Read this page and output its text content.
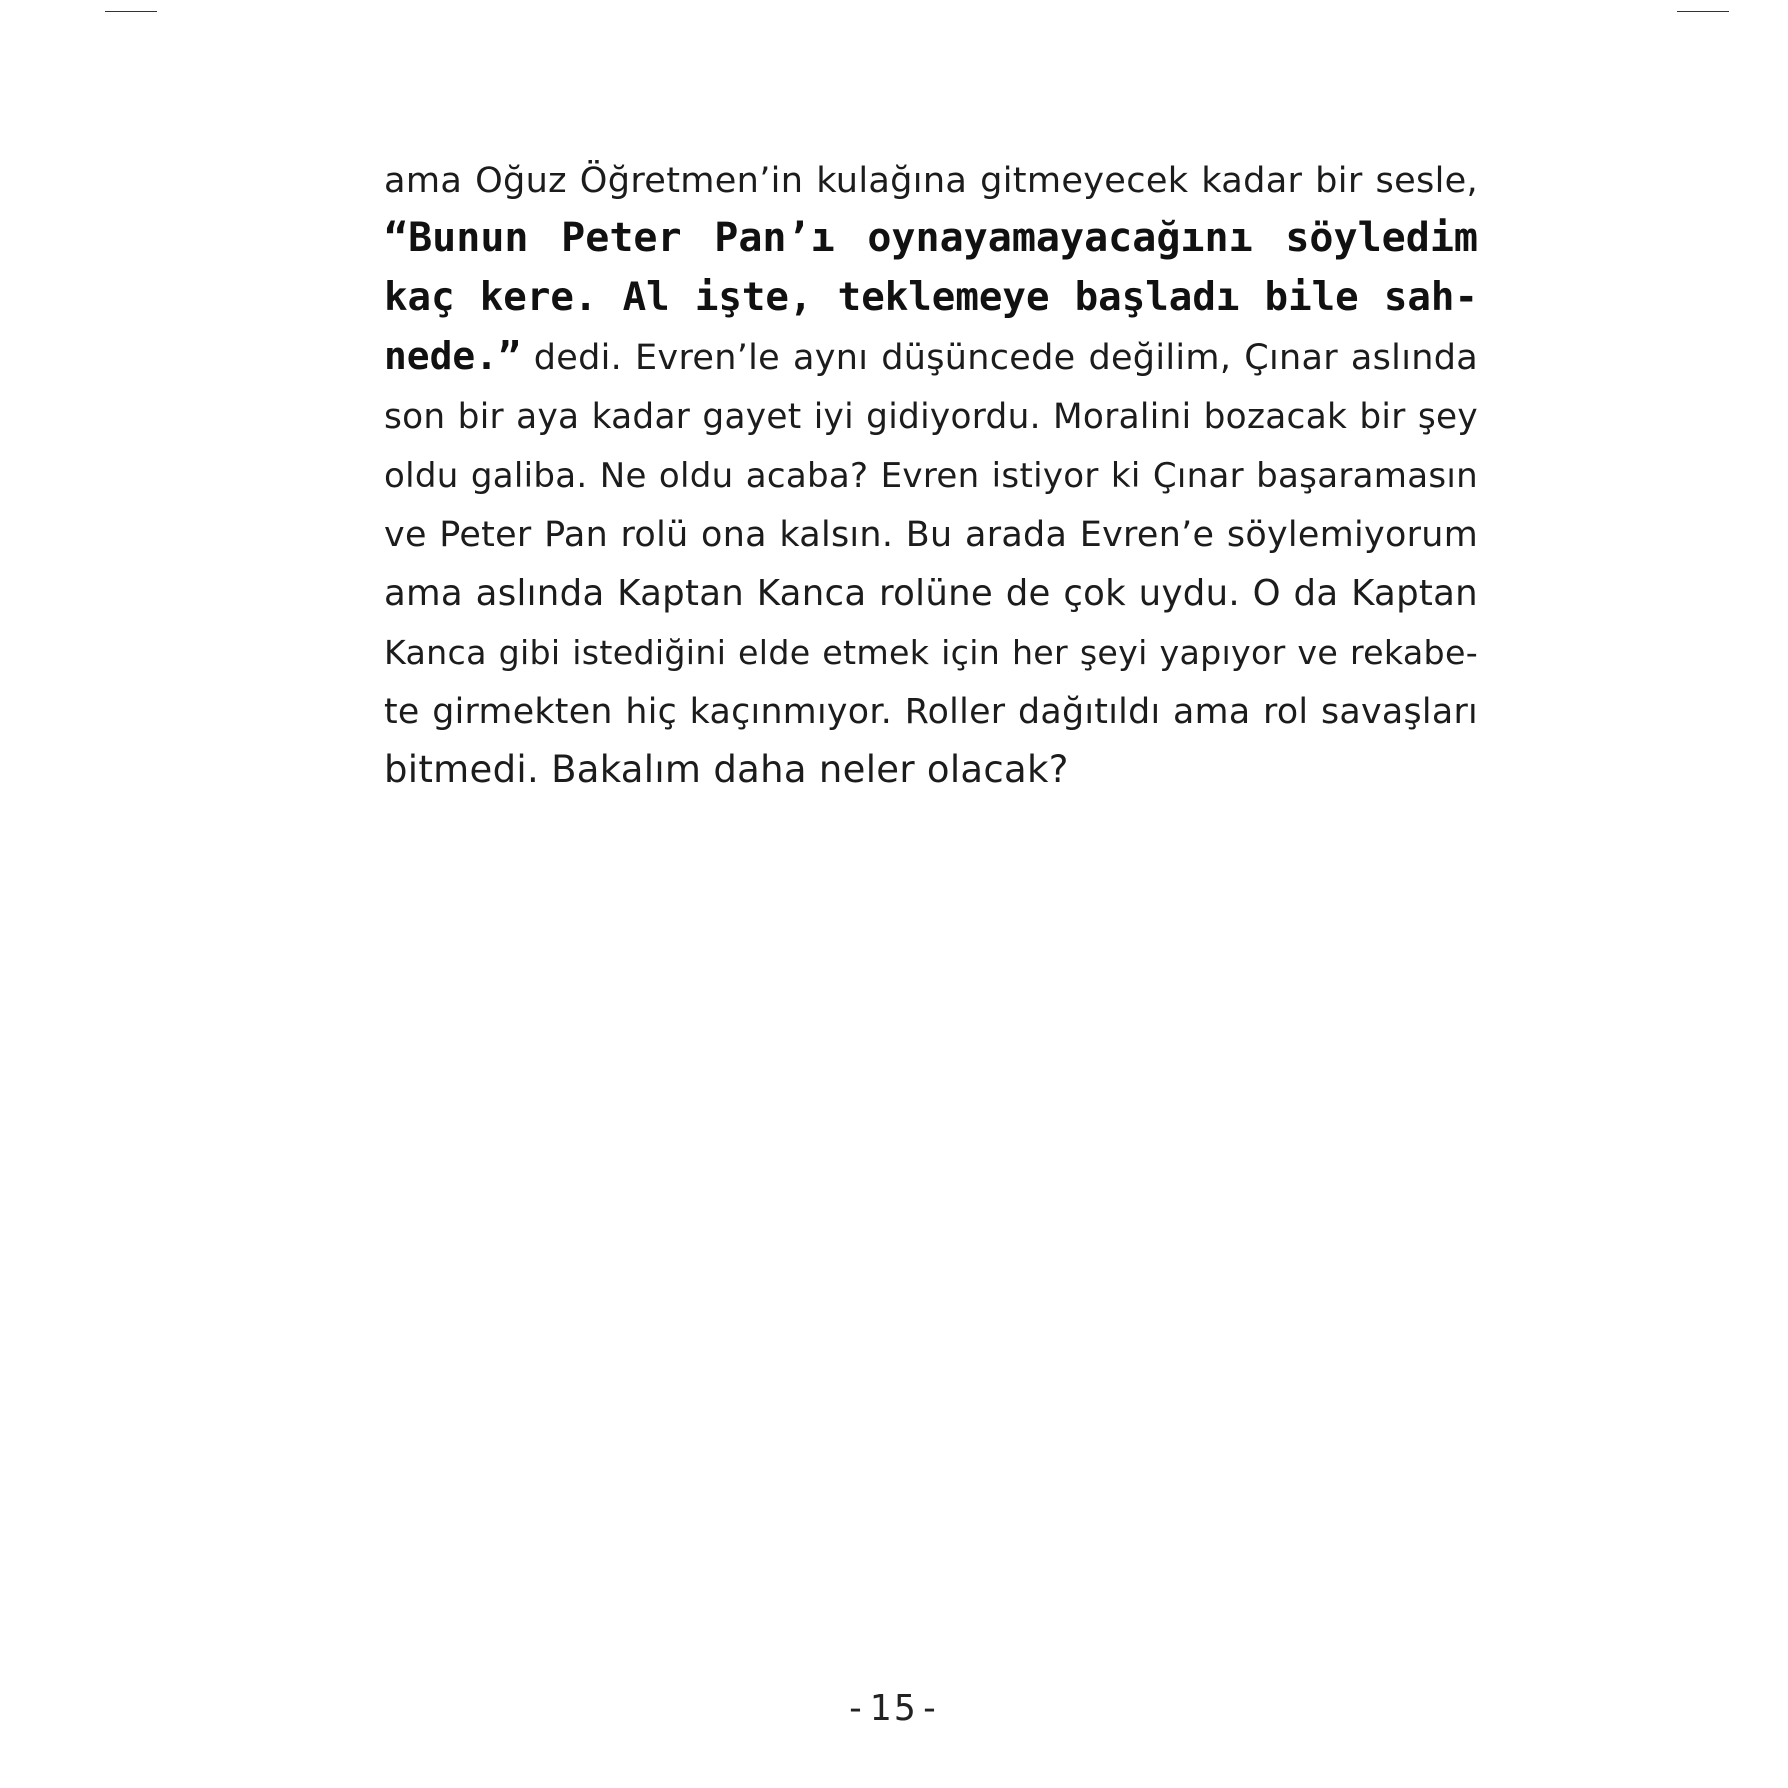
ama Oğuz Öğretmen’in kulağına gitmeyecek kadar bir sesle,
“Bunun Peter Pan’ı oynayamayacağını söyledim
kaç kere. Al işte, teklemeye başladı bile sah-
nede.” dedi. Evren’le aynı düşüncede değilim, Çınar aslında
son bir aya kadar gayet iyi gidiyordu. Moralini bozacak bir şey
oldu galiba. Ne oldu acaba? Evren istiyor ki Çınar başaramasın
ve Peter Pan rolü ona kalsın. Bu arada Evren’e söylemiyorum
ama aslında Kaptan Kanca rolüne de çok uydu. O da Kaptan
Kanca gibi istediğini elde etmek için her şeyi yapıyor ve rekabe-
te girmekten hiç kaçınmıyor. Roller dağıtıldı ama rol savaşları
bitmedi. Bakalım daha neler olacak?
-15-
